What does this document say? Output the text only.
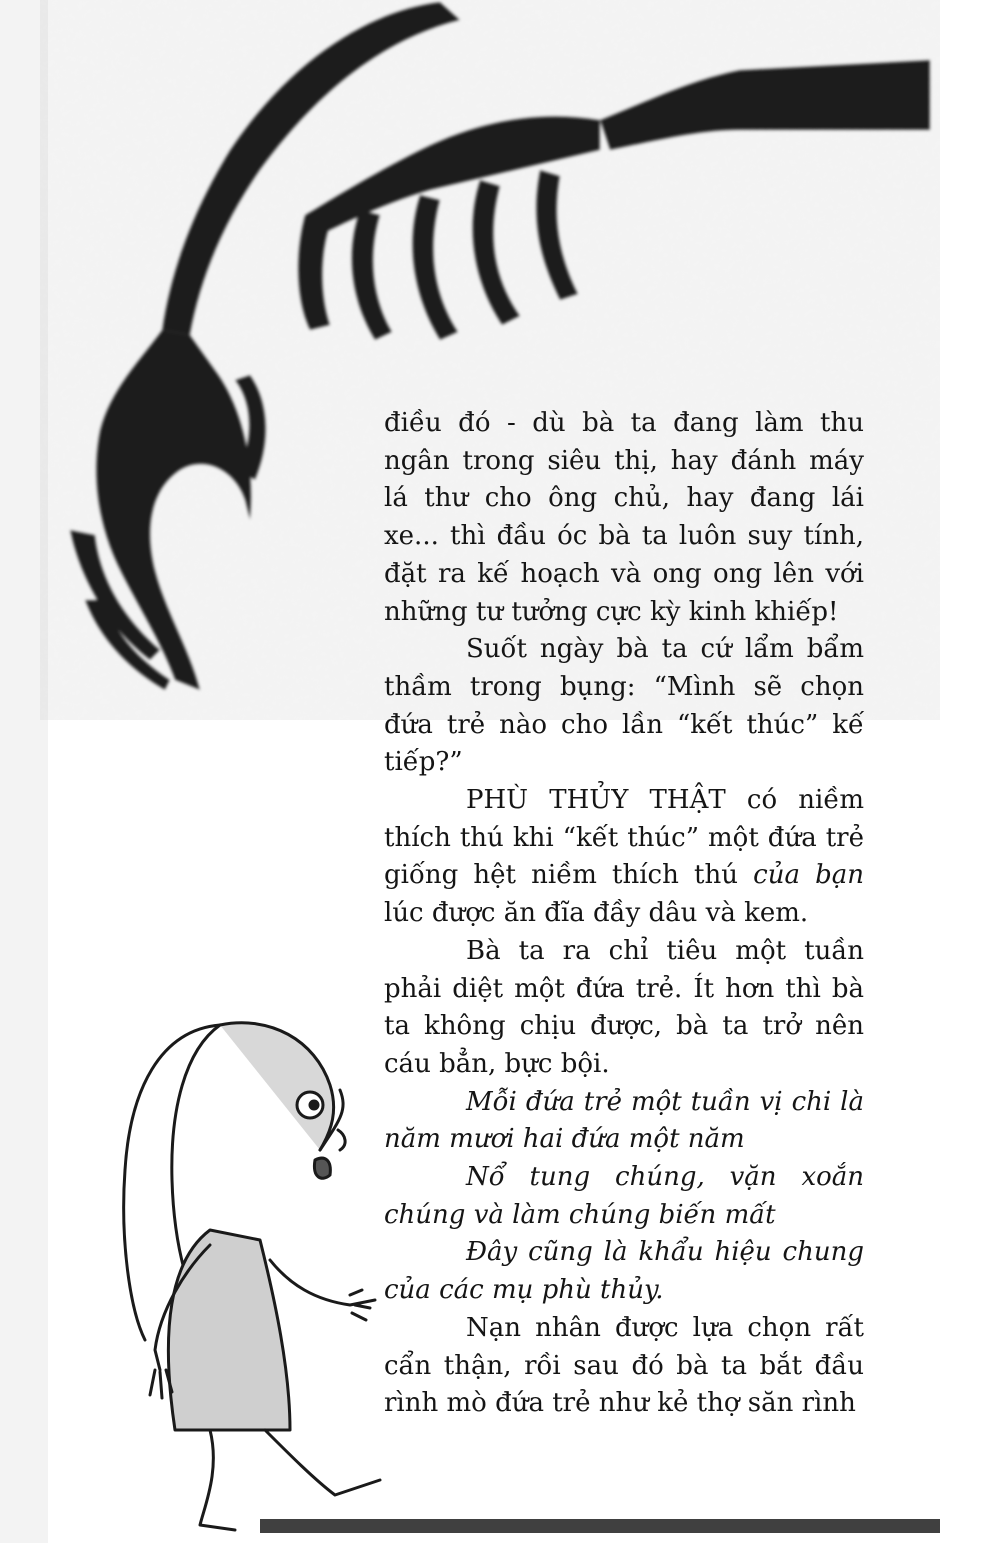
điều đó - dù bà ta đang làm thu ngân trong siêu thị, hay đánh máy lá thư cho ông chủ, hay đang lái xe... thì đầu óc bà ta luôn suy tính, đặt ra kế hoạch và ong ong lên với những tư tưởng cực kỳ kinh khiếp!

Suốt ngày bà ta cứ lẩm bẩm thầm trong bụng: “Mình sẽ chọn đứa trẻ nào cho lần “kết thúc” kế tiếp?”

PHÙ THỦY THẬT có niềm thích thú khi “kết thúc” một đứa trẻ giống hệt niềm thích thú của bạn lúc được ăn đĩa đầy dâu và kem.

Bà ta ra chỉ tiêu một tuần phải diệt một đứa trẻ. Ít hơn thì bà ta không chịu được, bà ta trở nên cáu bẳn, bực bội.

Mỗi đứa trẻ một tuần vị chi là năm mươi hai đứa một năm

Nổ tung chúng, vặn xoắn chúng và làm chúng biến mất

Đây cũng là khẩu hiệu chung của các mụ phù thủy.

Nạn nhân được lựa chọn rất cẩn thận, rồi sau đó bà ta bắt đầu rình mò đứa trẻ như kẻ thợ săn rình
